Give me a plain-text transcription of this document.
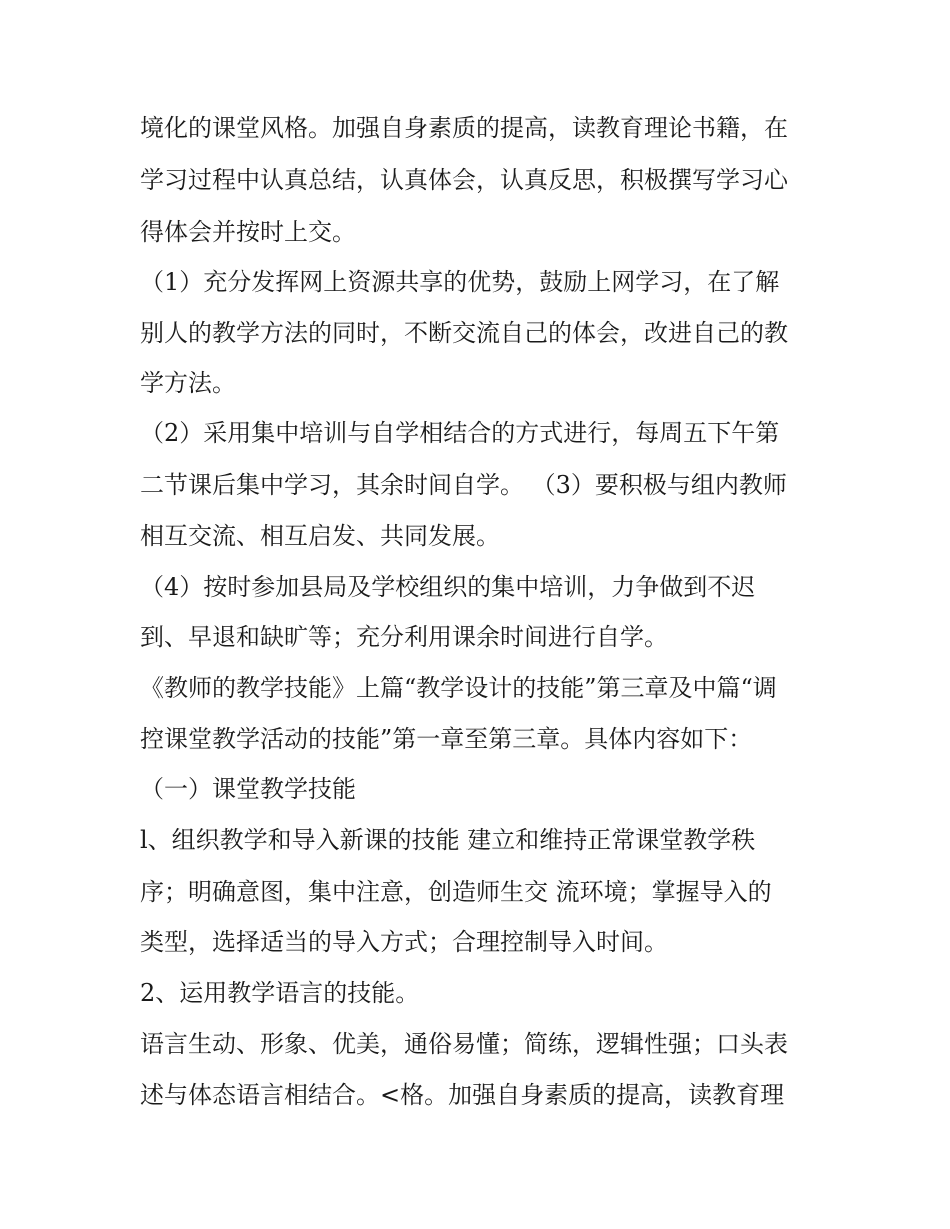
境化的课堂风格。加强自身素质的提高，读教育理论书籍，在
学习过程中认真总结，认真体会，认真反思，积极撰写学习心
得体会并按时上交。
（1）充分发挥网上资源共享的优势，鼓励上网学习，在了解
别人的教学方法的同时，不断交流自己的体会，改进自己的教
学方法。
（2）采用集中培训与自学相结合的方式进行，每周五下午第
二节课后集中学习，其余时间自学。 （3）要积极与组内教师
相互交流、相互启发、共同发展。
（4）按时参加县局及学校组织的集中培训，力争做到不迟
到、早退和缺旷等；充分利用课余时间进行自学。
《教师的教学技能》上篇“教学设计的技能”第三章及中篇“调
控课堂教学活动的技能”第一章至第三章。具体内容如下：
（一）课堂教学技能
l、组织教学和导入新课的技能 建立和维持正常课堂教学秩
序；明确意图，集中注意，创造师生交 流环境；掌握导入的
类型，选择适当的导入方式；合理控制导入时间。
2、运用教学语言的技能。
语言生动、形象、优美，通俗易懂；简练，逻辑性强；口头表
述与体态语言相结合。<格。加强自身素质的提高，读教育理
